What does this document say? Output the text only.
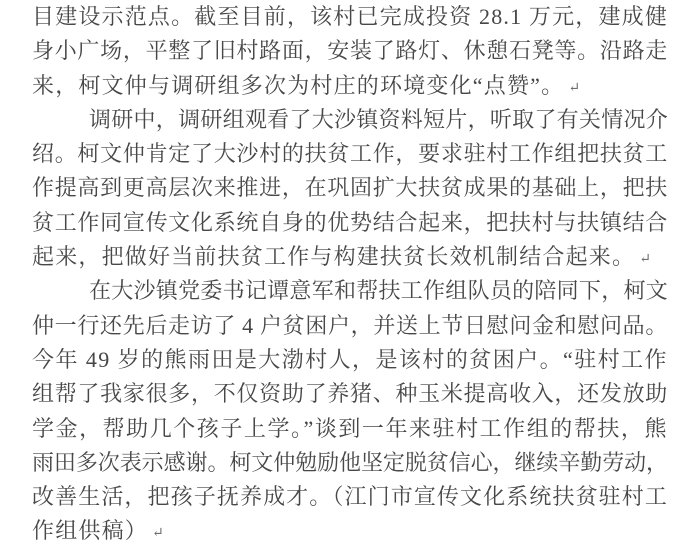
目建设示范点。截至目前，该村已完成投资 28.1 万元，建成健
身小广场，平整了旧村路面，安装了路灯、休憩石凳等。沿路走
来，柯文仲与调研组多次为村庄的环境变化“点赞”。 ↵
调研中，调研组观看了大沙镇资料短片，听取了有关情况介
绍。柯文仲肯定了大沙村的扶贫工作，要求驻村工作组把扶贫工
作提高到更高层次来推进，在巩固扩大扶贫成果的基础上，把扶
贫工作同宣传文化系统自身的优势结合起来，把扶村与扶镇结合
起来，把做好当前扶贫工作与构建扶贫长效机制结合起来。 ↵
在大沙镇党委书记谭意军和帮扶工作组队员的陪同下，柯文
仲一行还先后走访了 4 户贫困户，并送上节日慰问金和慰问品。
今年 49 岁的熊雨田是大渤村人，是该村的贫困户。“驻村工作
组帮了我家很多，不仅资助了养猪、种玉米提高收入，还发放助
学金，帮助几个孩子上学。”谈到一年来驻村工作组的帮扶，熊
雨田多次表示感谢。柯文仲勉励他坚定脱贫信心，继续辛勤劳动，
改善生活，把孩子抚养成才。（江门市宣传文化系统扶贫驻村工
作组供稿） ↵
